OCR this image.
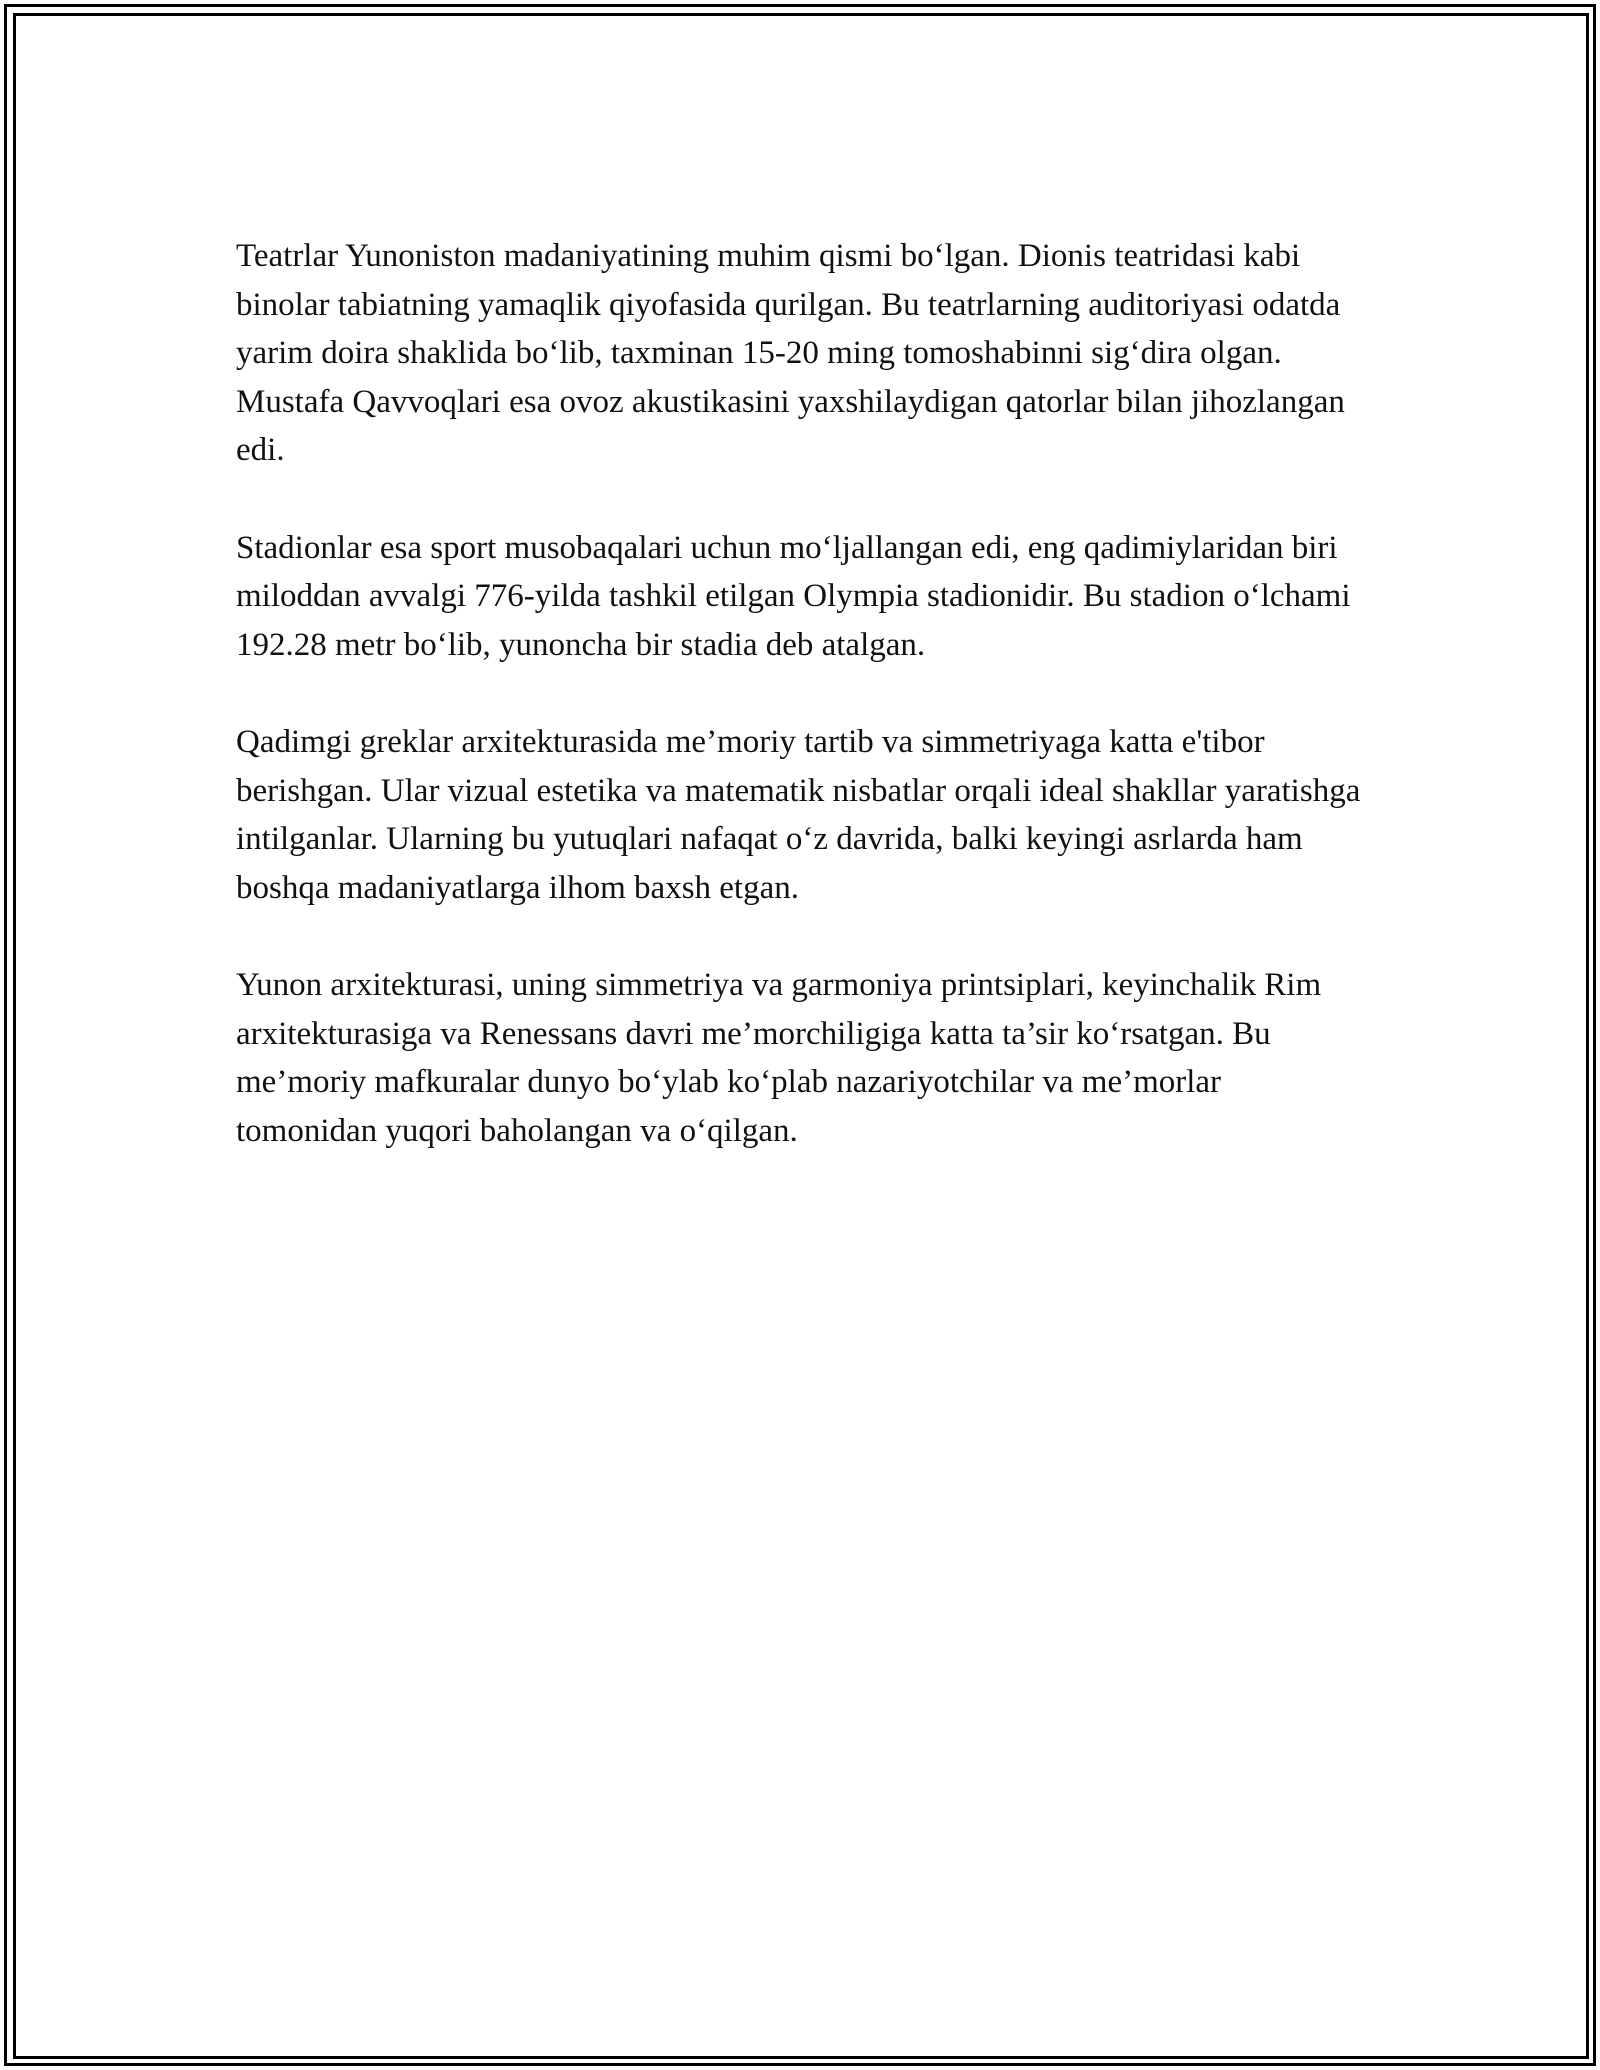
Teatrlar Yunoniston madaniyatining muhim qismi bo‘lgan. Dionis teatridasi kabi binolar tabiatning yamaqlik qiyofasida qurilgan. Bu teatrlarning auditoriyasi odatda yarim doira shaklida bo‘lib, taxminan 15-20 ming tomoshabinni sig‘dira olgan. Mustafa Qavvoqlari esa ovoz akustikasini yaxshilaydigan qatorlar bilan jihozlangan edi.

Stadionlar esa sport musobaqalari uchun mo‘ljallangan edi, eng qadimiylaridan biri miloddan avvalgi 776-yilda tashkil etilgan Olympia stadionidir. Bu stadion o‘lchami 192.28 metr bo‘lib, yunoncha bir stadia deb atalgan.

Qadimgi greklar arxitekturasida me’moriy tartib va simmetriyaga katta e'tibor berishgan. Ular vizual estetika va matematik nisbatlar orqali ideal shakllar yaratishga intilganlar. Ularning bu yutuqlari nafaqat o‘z davrida, balki keyingi asrlarda ham boshqa madaniyatlarga ilhom baxsh etgan.

Yunon arxitekturasi, uning simmetriya va garmoniya printsiplari, keyinchalik Rim arxitekturasiga va Renessans davri me’morchiligiga katta ta’sir ko‘rsatgan. Bu me’moriy mafkuralar dunyo bo‘ylab ko‘plab nazariyotchilar va me’morlar tomonidan yuqori baholangan va o‘qilgan.
